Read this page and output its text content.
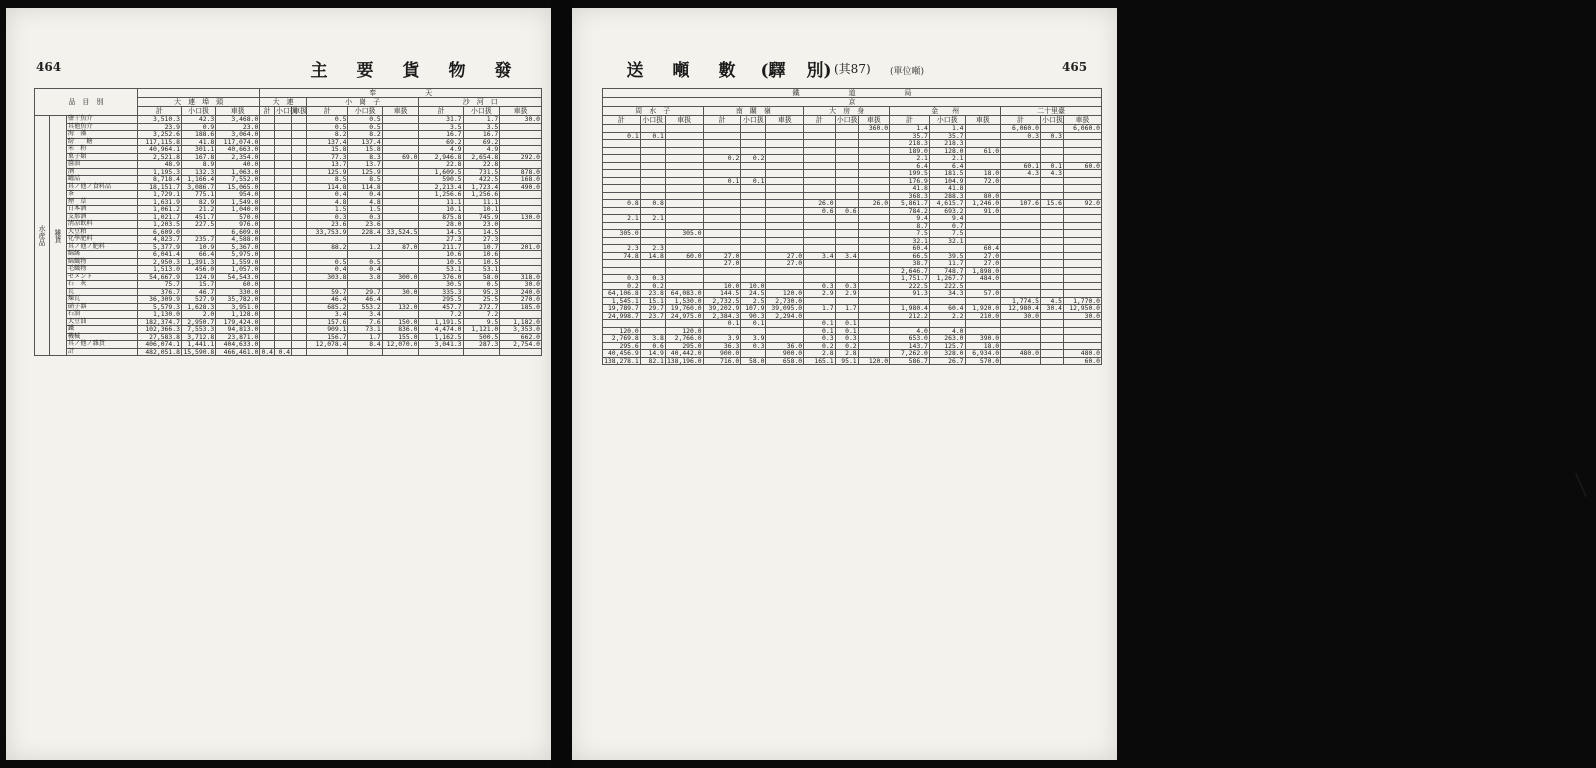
464	主 要 貨 物 發
品　目　別						奉　　　　　　　 天								
			大　連　埠　頭			大　連			小　崗　子			沙　河　口		
			計	小口扱	車扱	計	小口扱	車扱	計	小口扱	車扱	計	小口扱	車扱
水産品	雑貨	鹽干魚介	3,510.3	42.3	3,468.0				0.5	0.5		31.7	1.7	30.0
		其他魚介	23.9	0.9	23.0				0.5	0.5		3.5	3.5	
		海　藻	3,252.6	188.6	3,064.0				8.2	8.2		16.7	16.7	
		紛　　糖	117,115.8	41.8	117,074.0				137.4	137.4		69.2	69.2	
		米　粉	40,964.1	301.1	40,663.0				15.8	15.8		4.9	4.9	
		菓子類	2,521.8	167.8	2,354.0				77.3	8.3	69.0	2,946.8	2,654.8	292.0
		醬油	48.9	8.9	40.0				13.7	13.7		22.8	22.8	
		酒	1,195.3	132.3	1,063.0				125.9	125.9		1,609.5	731.5	878.0
		罐詰	8,718.4	1,166.4	7,552.0				8.5	8.5		590.5	422.5	168.0
		其ノ他ノ食料品	18,151.7	3,086.7	15,065.0				114.8	114.8		2,213.4	1,723.4	490.0
		茶	1,729.1	775.1	954.0				0.4	0.4		1,256.6	1,256.6	
		煙　草	1,631.9	82.9	1,549.0				4.8	4.8		11.1	11.1	
		日本酒	1,061.2	21.2	1,040.0				1.5	1.5		10.1	10.1	
		支那酒	1,021.7	451.7	570.0				0.3	0.3		875.8	745.9	130.0
		淸凉飲料	1,203.5	227.5	976.0				23.6	23.6		28.0	23.0	
		大豆粕	6,609.0		6,609.0				33,753.9	228.4	33,524.5	14.5	14.5	
		化學肥料	4,823.7	235.7	4,588.0							27.3	27.3	
		其ノ他ノ肥料	5,377.9	10.9	5,367.0				88.2	1.2	87.0	211.7	10.7	201.0
		綿絲	6,041.4	66.4	5,975.0							10.6	10.6	
		綿織物	2,950.3	1,391.3	1,559.0				0.5	0.5		10.5	10.5	
		毛織物	1,513.0	456.0	1,057.0				0.4	0.4		53.1	53.1	
		セメント	54,667.9	124.9	54,543.0				303.8	3.8	300.0	376.0	58.0	318.0
		石　灰	75.7	15.7	60.0							30.5	0.5	30.0
		瓦	376.7	46.7	330.0				59.7	29.7	30.0	335.3	95.3	240.0
		煉瓦	36,309.9	527.9	35,782.0				46.4	46.4		295.5	25.5	270.0
		硝子器	5,579.3	1,628.3	3,951.0				685.2	553.2	132.0	457.7	272.7	185.0
		石油	1,130.0	2.0	1,128.0				3.4	3.4		7.2	7.2	
		大豆油	182,374.7	2,950.7	179,424.0				157.6	7.6	150.0	1,191.5	9.5	1,182.0
		鐵	102,366.3	7,553.3	94,813.0				909.1	73.1	836.0	4,474.0	1,121.0	3,353.0
		機械	27,583.8	3,712.8	23,871.0				156.7	1.7	155.0	1,162.5	500.5	662.0
		其ノ他ノ雜貨	406,074.1	1,441.1	404,633.0				12,078.4	8.4	12,070.0	3,041.3	287.3	2,754.0
		計	482,051.8	15,590.8	466,461.0	0.4	0.4							
送 噸 數 (驛 別) (其87) (單位噸)	465
鐵　　　　　　　 道　　　　　　　 局														
京														
周　水　子			南　關　嶺			大　房　身			金　　州			二十里臺		
計	小口扱	車扱	計	小口扱	車扱	計	小口扱	車扱	計	小口扱	車扱	計	小口扱	車扱
								360.0	1.4	1.4		6,060.0		6,060.0
0.1	0.1								35.7	35.7		0.3	0.3	
									218.3	218.3				
									189.0	128.0	61.0			
			0.2	0.2					2.1	2.1				
									6.4	6.4		60.1	0.1	60.0
									199.5	181.5	18.0	4.3	4.3	
			0.1	0.1					176.9	104.9	72.0			
									41.8	41.8				
									368.3	288.3	80.0			
0.8	0.8					26.0		26.0	5,861.7	4,615.7	1,246.0	107.6	15.6	92.0
						0.6	0.6		784.2	693.2	91.0			
2.1	2.1								9.4	9.4				
									8.7	0.7				
305.0		305.0							7.5	7.5				
									32.1	32.1				
2.3	2.3								60.4		60.4			
74.8	14.8	60.0	27.0		27.0	3.4	3.4		66.5	39.5	27.0			
			27.0		27.0				38.7	11.7	27.0			
									2,646.7	748.7	1,898.0			
0.3	0.3								1,751.7	1,267.7	484.0			
0.2	0.2		10.0	10.0		0.3	0.3		222.5	222.5				
64,106.8	23.8	64,083.0	144.5	24.5	120.0	2.9	2.9		91.3	34.3	57.0			
1,545.1	15.1	1,530.0	2,732.5	2.5	2,730.0							1,774.5	4.5	1,770.0
19,789.7	29.7	19,760.0	39,202.9	107.9	39,095.0	1.7	1.7		1,980.4	60.4	1,920.0	12,980.4	30.4	12,950.0
24,998.7	23.7	24,975.0	2,384.3	90.3	2,294.0				212.2	2.2	210.0	30.0		30.0
			0.1	0.1		0.1	0.1							
120.0		120.0				0.1	0.1		4.0	4.0				
2,769.8	3.8	2,766.0	3.9	3.9		0.3	0.3		653.0	263.0	390.0			
295.6	0.6	295.0	36.3	0.3	36.0	0.2	0.2		143.7	125.7	18.0			
40,456.9	14.9	40,442.0	900.0		900.0	2.8	2.8		7,262.0	328.0	6,934.0	480.0		480.0
138,278.1	82.1	138,196.0	716.0	58.0	658.0	165.1	95.1	120.0	586.7	26.7	570.0			60.0
